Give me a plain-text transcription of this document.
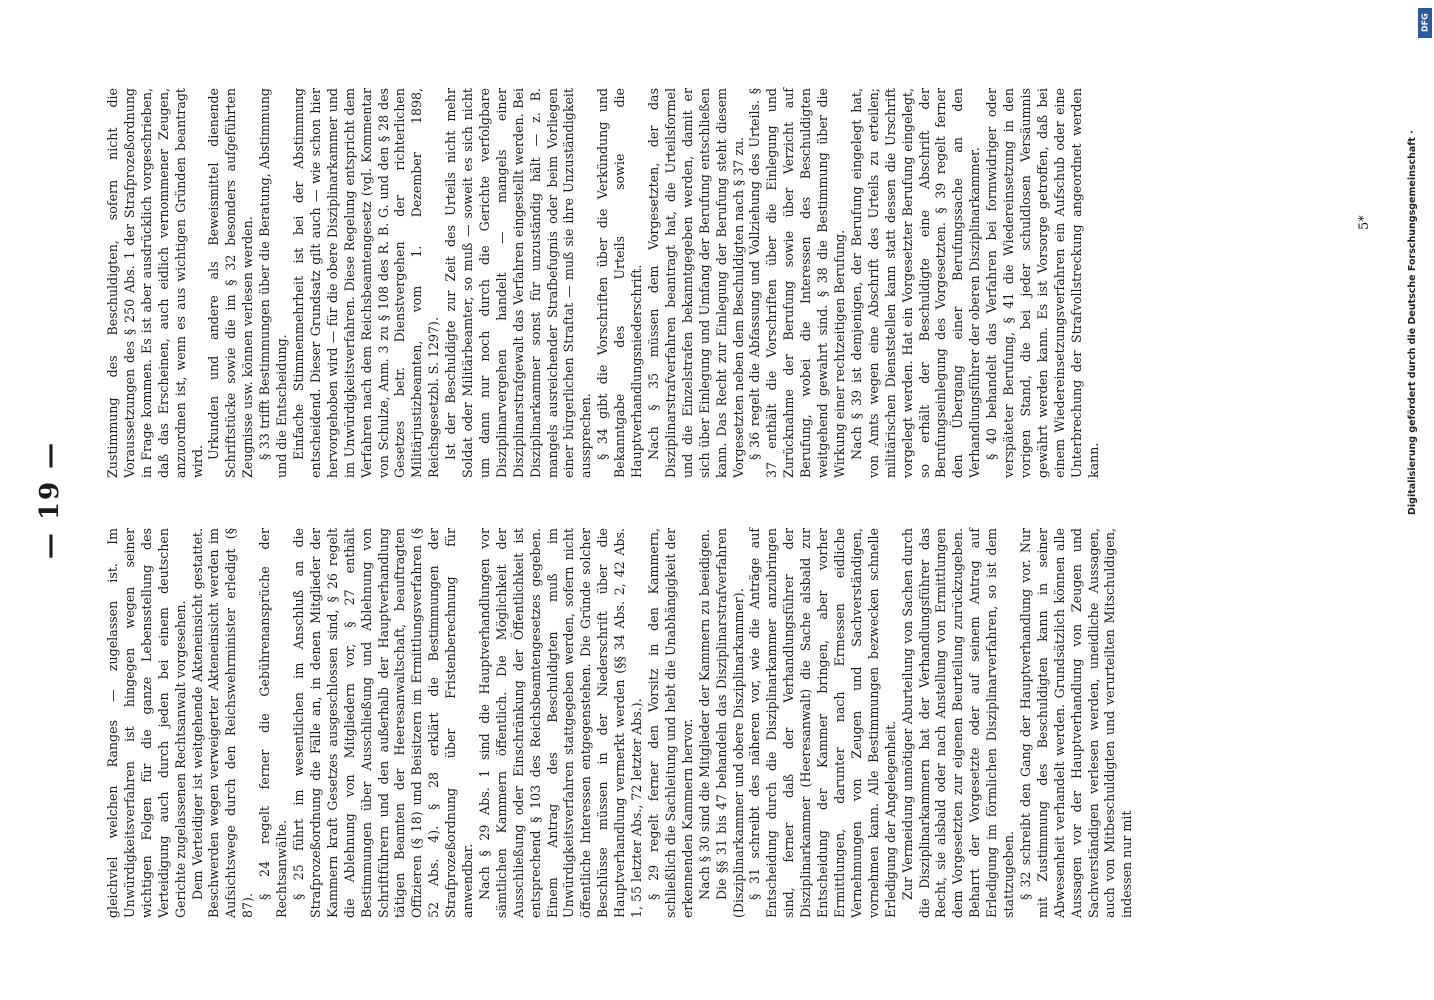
— 19 —

gleichviel welchen Ranges — zugelassen ist. Im Unwürdigkeitsverfahren ist hingegen wegen seiner wichtigen Folgen für die ganze Lebensstellung des Verteidigung auch durch jeden bei einem deutschen Gerichte zugelassenen Rechtsanwalt vorgesehen. Dem Verteidiger ist weitgehende Akteneinsicht gestattet. Beschwerden wegen verweigerter Akteneinsicht werden im Aufsichtswege durch den Reichswehrminister erledigt (§ 87).

§ 24 regelt ferner die Gebührenansprüche der Rechtsanwälte. § 25 führt im wesentlichen im Anschluß an die Strafprozeßordnung die Fälle an, in denen Mitglieder der Kammern kraft Gesetzes ausgeschlossen sind, § 26 regelt die Ablehnung von Mitgliedern vor, § 27 enthält Bestimmungen über Ausschließung und Ablehnung von Schriftführern und den außerhalb der Hauptverhandlung tätigen Beamten der Heeresanwaltschaft, beauftragten Offizieren (§ 18) und Beisitzern im Ermittlungsverfahren (§ 52 Abs. 4). § 28 erklärt die Bestimmungen der Strafprozeßordnung über Fristenberechnung für anwendbar. Nach § 29 Abs. 1 sind die Hauptverhandlungen vor sämtlichen Kammern öffentlich. Die Möglichkeit der Ausschließung oder Einschränkung der Öffentlichkeit ist entsprechend § 103 des Reichsbeamtengesetzes gegeben. Einem Antrag des Beschuldigten muß im Unwürdigkeitsverfahren stattgegeben werden, sofern nicht öffentliche Interessen entgegenstehen. Die Gründe solcher Beschlüsse müssen in der Niederschrift über die Hauptverhandlung vermerkt werden (§§ 34 Abs. 2, 42 Abs. 1, 55 letzter Abs., 72 letzter Abs.). § 29 regelt ferner den Vorsitz in den Kammern, schließlich die Sachleitung und hebt die Unabhängigkeit der erkennenden Kammern hervor. Nach § 30 sind die Mitglieder der Kammern zu beeidigen. Die §§ 31 bis 47 behandeln das Disziplinarstrafverfahren (Disziplinarkammer und obere Disziplinarkammer). § 31 schreibt des näheren vor, wie die Anträge auf Entscheidung durch die Disziplinarkammer anzubringen sind, ferner daß der Verhandlungsführer der Disziplinarkammer (Heeresanwalt) die Sache alsbald zur Entscheidung der Kammer bringen, aber vorher Ermittlungen, darunter nach Ermessen eidliche Vernehmungen von Zeugen und Sachverständigen, vornehmen kann. Alle Bestimmungen bezwecken schnelle Erledigung der Angelegenheit. Zur Vermeidung unnötiger Aburteilung von Sachen durch die Disziplinarkammern hat der Verhandlungsführer das Recht, sie alsbald oder nach Anstellung von Ermittlungen dem Vorgesetzten zur eigenen Beurteilung zurückzugeben. Beharrt der Vorgesetzte oder auf seinem Antrag auf Erledigung im förmlichen Disziplinarverfahren, so ist dem stattzugeben. § 32 schreibt den Gang der Hauptverhandlung vor. Nur mit Zustimmung des Beschuldigten kann in seiner Abwesenheit verhandelt werden. Grundsätzlich können alle Aussagen vor der Hauptverhandlung von Zeugen und Sachverständigen verlesen werden, uneidliche Aussagen, auch von Mitbeschuldigten und verurteilten Mitschuldigen, indessen nur mit

Zustimmung des Beschuldigten, sofern nicht die Voraussetzungen des § 250 Abs. 1 der Strafprozeßordnung in Frage kommen. Es ist aber ausdrücklich vorgeschrieben, daß das Erscheinen, auch eidlich vernommener Zeugen, anzuordnen ist, wenn es aus wichtigen Gründen beantragt wird.

Urkunden und andere als Beweismittel dienende Schriftstücke sowie die im § 32 besonders aufgeführten Zeugnisse usw. können verlesen werden. § 33 trifft Bestimmungen über die Beratung, Abstimmung und die Entscheidung. Einfache Stimmenmehrheit ist bei der Abstimmung entscheidend. Dieser Grundsatz gilt auch — wie schon hier hervorgehoben wird — für die obere Disziplinarkammer und im Unwürdigkeitsverfahren. Diese Regelung entspricht dem Verfahren nach dem Reichsbeamtengesetz (vgl. Kommentar von Schulze, Anm. 3 zu § 108 des R. B. G. und den § 28 des Gesetzes betr. Dienstvergehen der richterlichen Militärjustizbeamten, vom 1. Dezember 1898, Reichsgesetzbl. S. 1297). Ist der Beschuldigte zur Zeit des Urteils nicht mehr Soldat oder Militärbeamter, so muß — soweit es sich nicht um dann nur noch durch die Gerichte verfolgbare Disziplinarvergehen handelt — mangels einer Disziplinarstrafgewalt das Verfahren eingestellt werden. Bei Disziplinarkammer sonst für unzuständig hält — z. B. mangels ausreichender Strafbefugnis oder beim Vorliegen einer bürgerlichen Straftat — muß sie ihre Unzuständigkeit aussprechen. § 34 gibt die Vorschriften über die Verkündung und Bekanntgabe des Urteils sowie die Hauptverhandlungsniederschrift. Nach § 35 müssen dem Vorgesetzten, der das Disziplinarstrafverfahren beantragt hat, die Urteilsformel und die Einzelstrafen bekanntgegeben werden, damit er sich über Einlegung und Umfang der Berufung entschließen kann. Das Recht zur Einlegung der Berufung steht diesem Vorgesetzten neben dem Beschuldigten nach § 37 zu. § 36 regelt die Abfassung und Vollziehung des Urteils. § 37 enthält die Vorschriften über die Einlegung und Zurücknahme der Berufung sowie über Verzicht auf Berufung, wobei die Interessen des Beschuldigten weitgehend gewahrt sind. § 38 die Bestimmung über die Wirkung einer rechtzeitigen Berufung. Nach § 39 ist demjenigen, der Berufung eingelegt hat, von Amts wegen eine Abschrift des Urteils zu erteilen; militärischen Dienststellen kann statt dessen die Urschrift vorgelegt werden. Hat ein Vorgesetzter Berufung eingelegt, so erhält der Beschuldigte eine Abschrift der Berufungseinlegung des Vorgesetzten. § 39 regelt ferner den Übergang einer Berufungssache an den Verhandlungsführer der oberen Disziplinarkammer. § 40 behandelt das Verfahren bei formwidriger oder verspäteter Berufung, § 41 die Wiedereinsetzung in den vorigen Stand, die bei jeder schuldlosen Versäumnis gewährt werden kann. Es ist Vorsorge getroffen, daß bei einem Wiedereinsetzungsverfahren ein Aufschub oder eine Unterbrechung der Strafvollstreckung angeordnet werden kann.

5*	Digitalisierung gefördert durch die Deutsche Forschungsgemeinschaft ·
DFG
